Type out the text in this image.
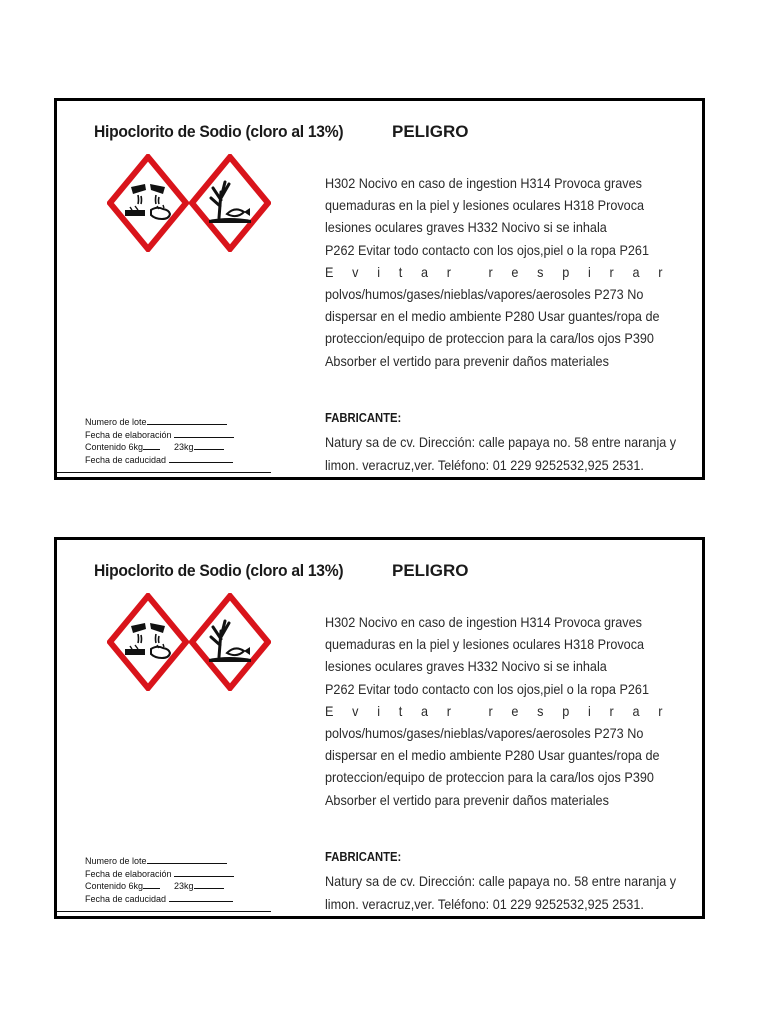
Hipoclorito de Sodio (cloro al 13%)	PELIGRO
H302 Nocivo en caso de ingestion H314 Provoca graves
quemaduras en la piel y lesiones oculares H318 Provoca
lesiones oculares graves H332 Nocivo si se inhala
P262 Evitar todo contacto con los ojos,piel o la ropa P261
E v i t a r	r e s p i r a r
polvos/humos/gases/nieblas/vapores/aerosoles P273 No
dispersar en el medio ambiente P280 Usar guantes/ropa de
proteccion/equipo de proteccion para la cara/los ojos P390
Absorber el vertido para prevenir daños materiales
Numero de lote
Fecha de elaboración
Contenido 6kg	23kg
Fecha de caducidad
FABRICANTE:
Natury sa de cv. Dirección: calle papaya no. 58 entre naranja y
limon. veracruz,ver. Teléfono: 01 229 9252532,925 2531.
Hipoclorito de Sodio (cloro al 13%)	PELIGRO
H302 Nocivo en caso de ingestion H314 Provoca graves
quemaduras en la piel y lesiones oculares H318 Provoca
lesiones oculares graves H332 Nocivo si se inhala
P262 Evitar todo contacto con los ojos,piel o la ropa P261
E v i t a r	r e s p i r a r
polvos/humos/gases/nieblas/vapores/aerosoles P273 No
dispersar en el medio ambiente P280 Usar guantes/ropa de
proteccion/equipo de proteccion para la cara/los ojos P390
Absorber el vertido para prevenir daños materiales
Numero de lote
Fecha de elaboración
Contenido 6kg	23kg
Fecha de caducidad
FABRICANTE:
Natury sa de cv. Dirección: calle papaya no. 58 entre naranja y
limon. veracruz,ver. Teléfono: 01 229 9252532,925 2531.
